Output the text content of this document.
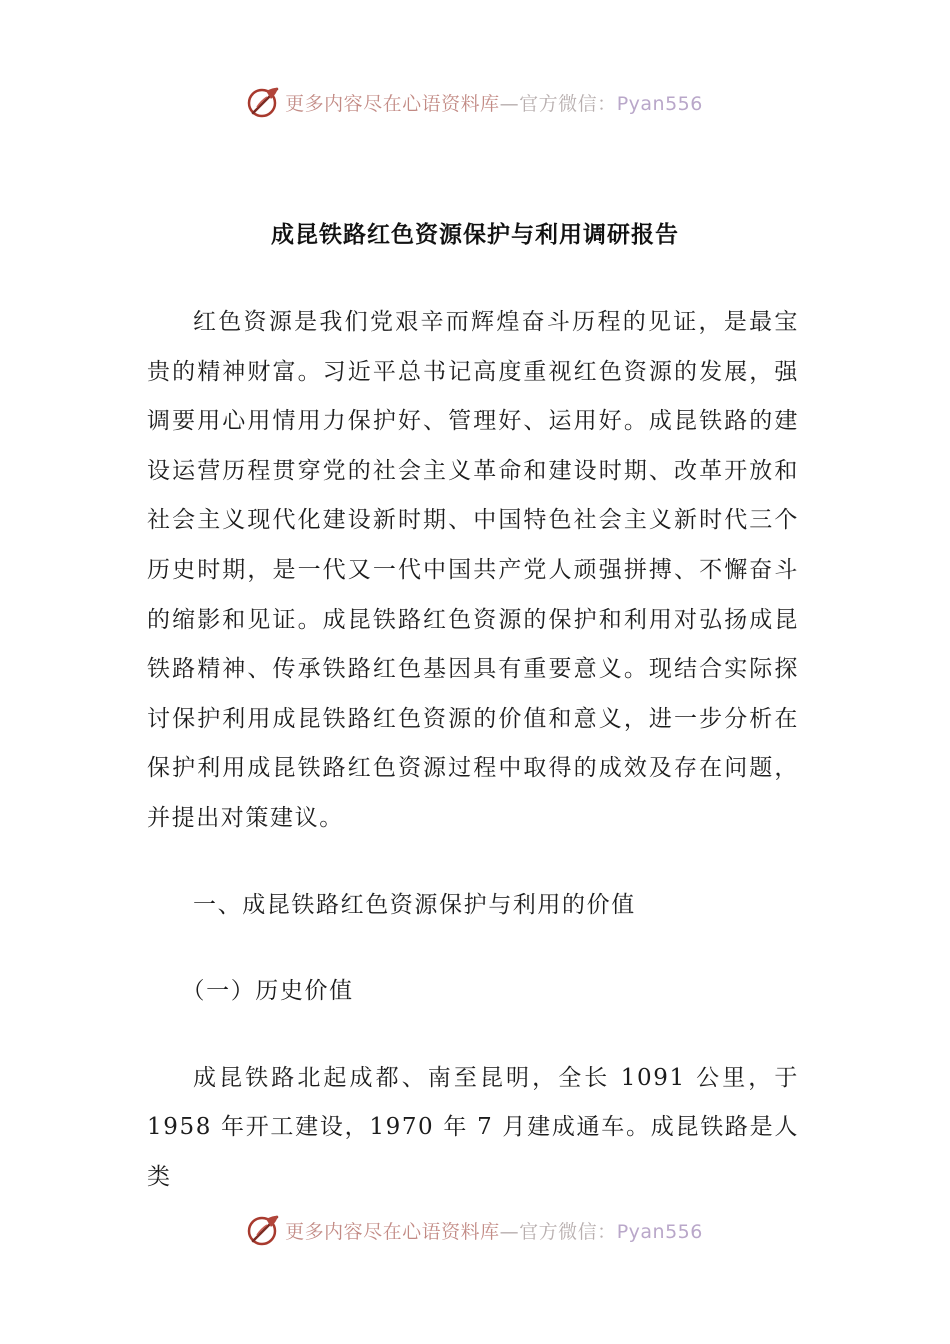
更多内容尽在心语资料库—官方微信：Pyan556
成昆铁路红色资源保护与利用调研报告

红色资源是我们党艰辛而辉煌奋斗历程的见证，是最宝贵的精神财富。习近平总书记高度重视红色资源的发展，强调要用心用情用力保护好、管理好、运用好。成昆铁路的建设运营历程贯穿党的社会主义革命和建设时期、改革开放和社会主义现代化建设新时期、中国特色社会主义新时代三个历史时期，是一代又一代中国共产党人顽强拼搏、不懈奋斗的缩影和见证。成昆铁路红色资源的保护和利用对弘扬成昆铁路精神、传承铁路红色基因具有重要意义。现结合实际探讨保护利用成昆铁路红色资源的价值和意义，进一步分析在保护利用成昆铁路红色资源过程中取得的成效及存在问题，并提出对策建议。

一、成昆铁路红色资源保护与利用的价值

（一）历史价值

成昆铁路北起成都、南至昆明，全长 1091 公里，于 1958 年开工建设，1970 年 7 月建成通车。成昆铁路是人类

更多内容尽在心语资料库—官方微信：Pyan556
